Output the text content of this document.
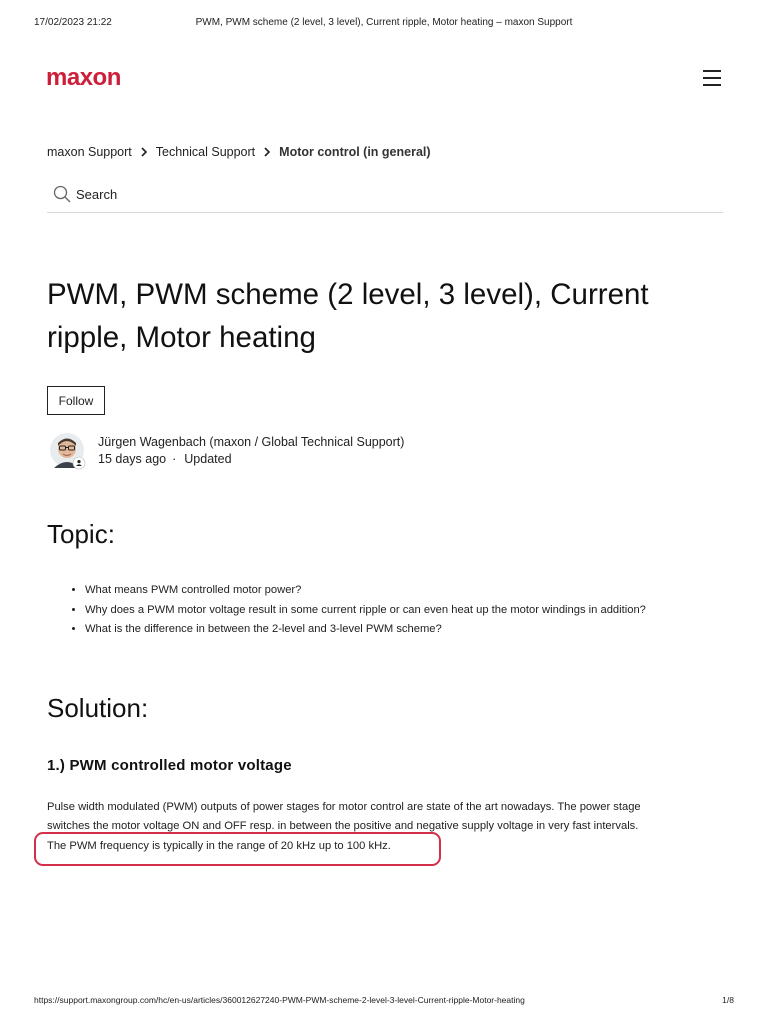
17/02/2023 21:22	PWM, PWM scheme (2 level, 3 level), Current ripple, Motor heating – maxon Support
maxon
maxon Support Technical Support Motor control (in general)
Search
PWM, PWM scheme (2 level, 3 level), Current ripple, Motor heating
Follow
Jürgen Wagenbach (maxon / Global Technical Support)
15 days ago · Updated
Topic:
• What means PWM controlled motor power?
• Why does a PWM motor voltage result in some current ripple or can even heat up the motor windings in addition?
• What is the difference in between the 2-level and 3-level PWM scheme?
Solution:
1.) PWM controlled motor voltage
Pulse width modulated (PWM) outputs of power stages for motor control are state of the art nowadays. The power stage
switches the motor voltage ON and OFF resp. in between the positive and negative supply voltage in very fast intervals.
The PWM frequency is typically in the range of 20 kHz up to 100 kHz.
https://support.maxongroup.com/hc/en-us/articles/360012627240-PWM-PWM-scheme-2-level-3-level-Current-ripple-Motor-heating	1/8
